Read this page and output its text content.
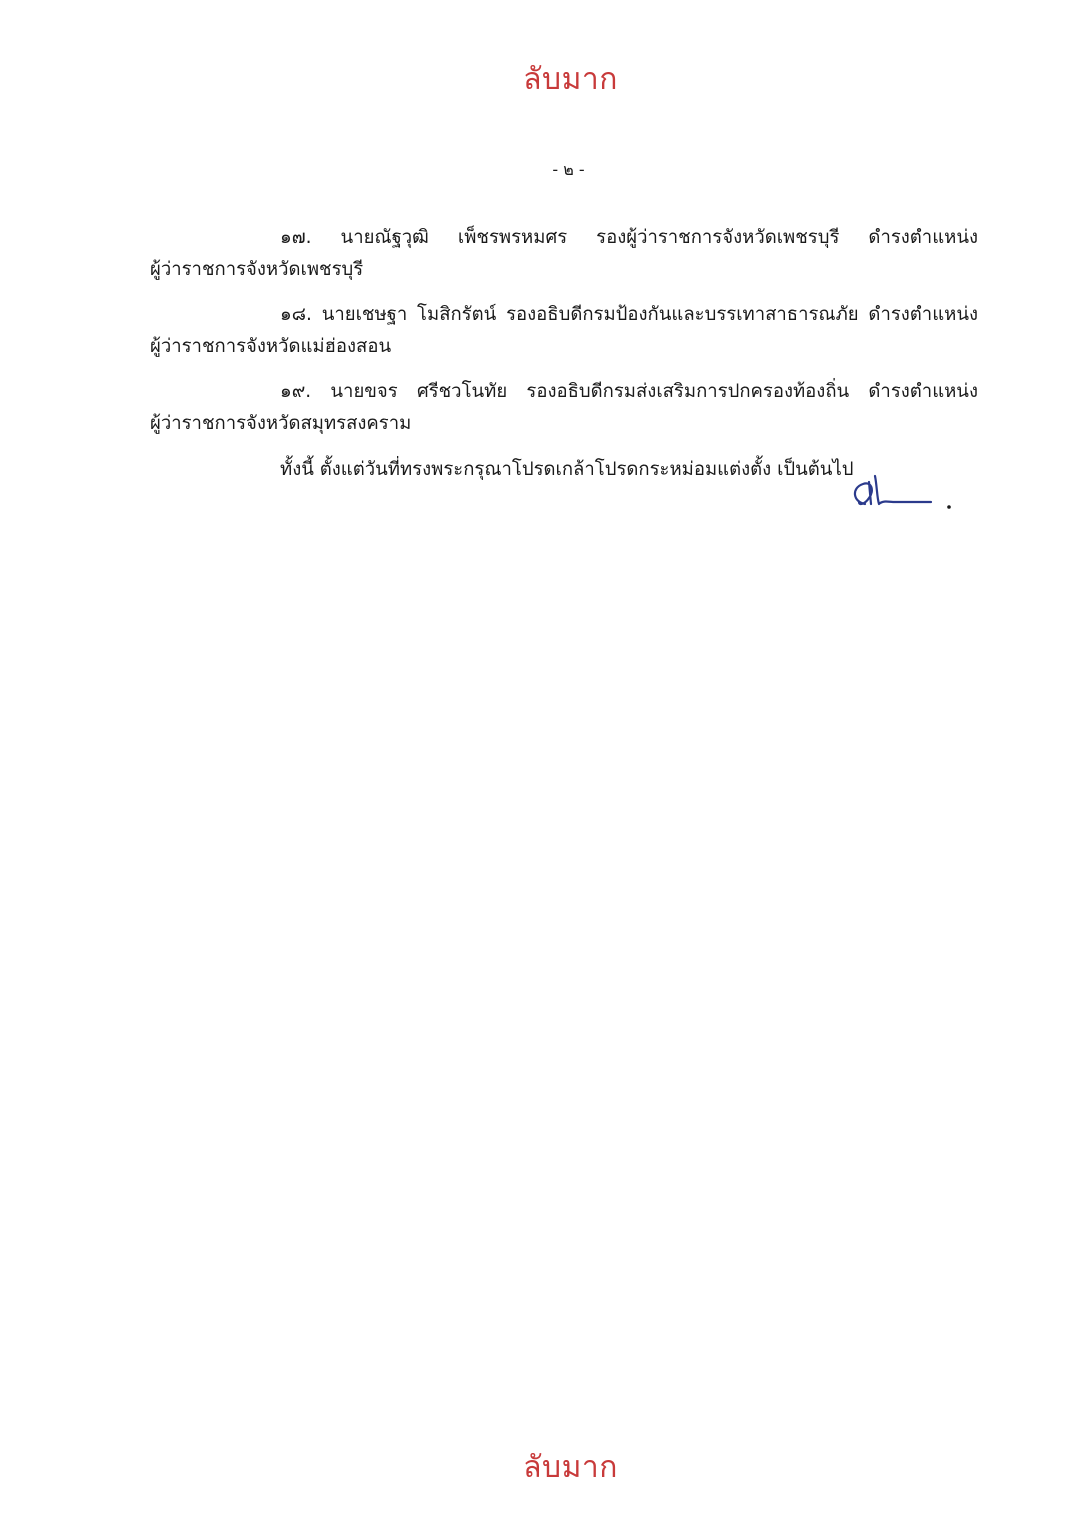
ลับมาก
- ๒ -
๑๗. นายณัฐวุฒิ เพ็ชรพรหมศร รองผู้ว่าราชการจังหวัดเพชรบุรี ดำรงตำแหน่ง
ผู้ว่าราชการจังหวัดเพชรบุรี
๑๘. นายเชษฐา โมสิกรัตน์ รองอธิบดีกรมป้องกันและบรรเทาสาธารณภัย ดำรงตำแหน่ง
ผู้ว่าราชการจังหวัดแม่ฮ่องสอน
๑๙. นายขจร ศรีชวโนทัย รองอธิบดีกรมส่งเสริมการปกครองท้องถิ่น ดำรงตำแหน่ง
ผู้ว่าราชการจังหวัดสมุทรสงคราม
ทั้งนี้ ตั้งแต่วันที่ทรงพระกรุณาโปรดเกล้าโปรดกระหม่อมแต่งตั้ง เป็นต้นไป
ลับมาก
